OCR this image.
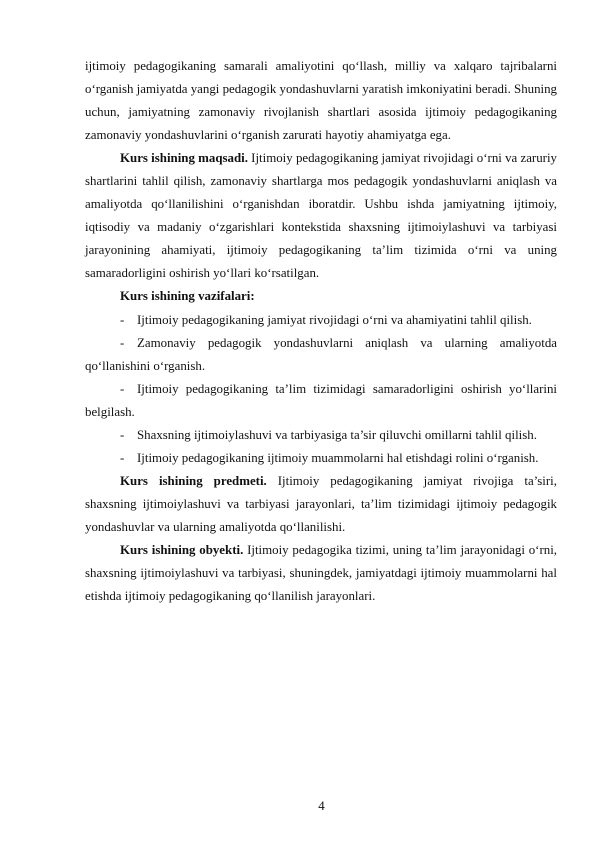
ijtimoiy pedagogikaning samarali amaliyotini qo‘llash, milliy va xalqaro tajribalarni o‘rganish jamiyatda yangi pedagogik yondashuvlarni yaratish imkoniyatini beradi. Shuning uchun, jamiyatning zamonaviy rivojlanish shartlari asosida ijtimoiy pedagogikaning zamonaviy yondashuvlarini o‘rganish zarurati hayotiy ahamiyatga ega.

Kurs ishining maqsadi. Ijtimoiy pedagogikaning jamiyat rivojidagi o‘rni va zaruriy shartlarini tahlil qilish, zamonaviy shartlarga mos pedagogik yondashuvlarni aniqlash va amaliyotda qo‘llanilishini o‘rganishdan iboratdir. Ushbu ishda jamiyatning ijtimoiy, iqtisodiy va madaniy o‘zgarishlari kontekstida shaxsning ijtimoiylashuvi va tarbiyasi jarayonining ahamiyati, ijtimoiy pedagogikaning ta’lim tizimida o‘rni va uning samaradorligini oshirish yo‘llari ko‘rsatilgan.

Kurs ishining vazifalari:

- Ijtimoiy pedagogikaning jamiyat rivojidagi o‘rni va ahamiyatini tahlil qilish.

- Zamonaviy pedagogik yondashuvlarni aniqlash va ularning amaliyotda qo‘llanishini o‘rganish.

- Ijtimoiy pedagogikaning ta’lim tizimidagi samaradorligini oshirish yo‘llarini belgilash.

- Shaxsning ijtimoiylashuvi va tarbiyasiga ta’sir qiluvchi omillarni tahlil qilish.

- Ijtimoiy pedagogikaning ijtimoiy muammolarni hal etishdagi rolini o‘rganish.

Kurs ishining predmeti. Ijtimoiy pedagogikaning jamiyat rivojiga ta’siri, shaxsning ijtimoiylashuvi va tarbiyasi jarayonlari, ta’lim tizimidagi ijtimoiy pedagogik yondashuvlar va ularning amaliyotda qo‘llanilishi.

Kurs ishining obyekti. Ijtimoiy pedagogika tizimi, uning ta’lim jarayonidagi o‘rni, shaxsning ijtimoiylashuvi va tarbiyasi, shuningdek, jamiyatdagi ijtimoiy muammolarni hal etishda ijtimoiy pedagogikaning qo‘llanilish jarayonlari.

4
